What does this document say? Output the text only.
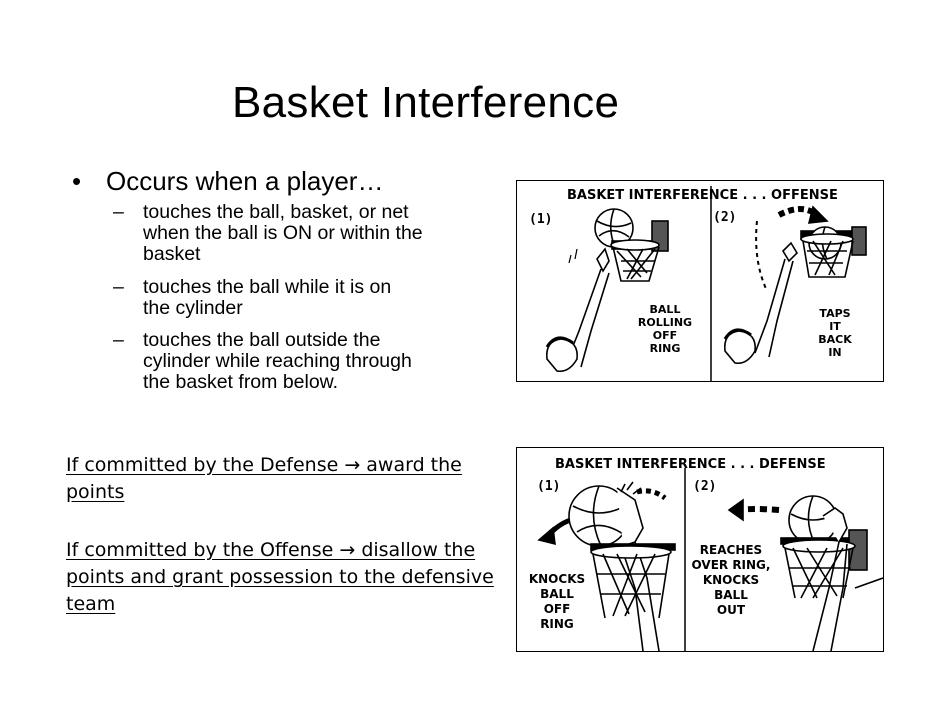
Basket Interference
• Occurs when a player…
– touches the ball, basket, or net when the ball is ON or within the basket
– touches the ball while it is on the cylinder
– touches the ball outside the cylinder while reaching through the basket from below.
If committed by the Defense → award the points
If committed by the Offense → disallow the points and grant possession to the defensive team
BASKET INTERFERENCE . . . OFFENSE
(1)	(2)
BALL
ROLLING
OFF
RING
TAPS
IT
BACK
IN
BASKET INTERFERENCE . . . DEFENSE
(1)	(2)
KNOCKS
BALL
OFF
RING
REACHES
OVER RING,
KNOCKS
BALL
OUT
